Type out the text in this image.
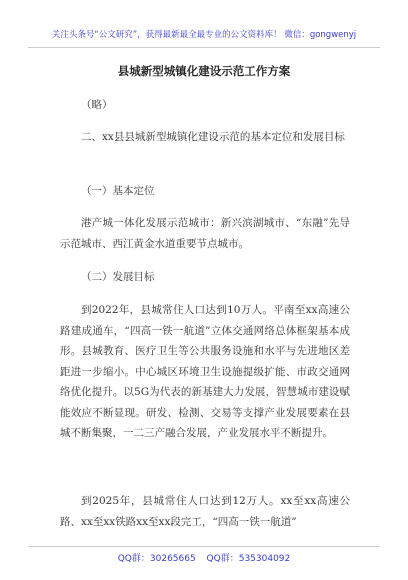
关注头条号“公文研究”，获得最新最全最专业的公文资料库！ 微信：gongwenyj
县城新型城镇化建设示范工作方案
（略）
二、xx县县城新型城镇化建设示范的基本定位和发展目标
（一）基本定位
港产城一体化发展示范城市：新兴滨湖城市、“东融”先导示范城市、西江黄金水道重要节点城市。
（二）发展目标
到2022年，县城常住人口达到10万人。平南至xx高速公路建成通车，“四高一铁一航道”立体交通网络总体框架基本成形。县城教育、医疗卫生等公共服务设施和水平与先进地区差距进一步缩小。中心城区环境卫生设施提级扩能、市政交通网络优化提升。以5G为代表的新基建大力发展，智慧城市建设赋能效应不断显现。研发、检测、交易等支撑产业发展要素在县城不断集聚，一二三产融合发展，产业发展水平不断提升。
到2025年，县城常住人口达到12万人。xx至xx高速公路、xx至xx铁路xx至xx段完工，“四高一铁一航道”
QQ群：30265665 QQ群：535304092
